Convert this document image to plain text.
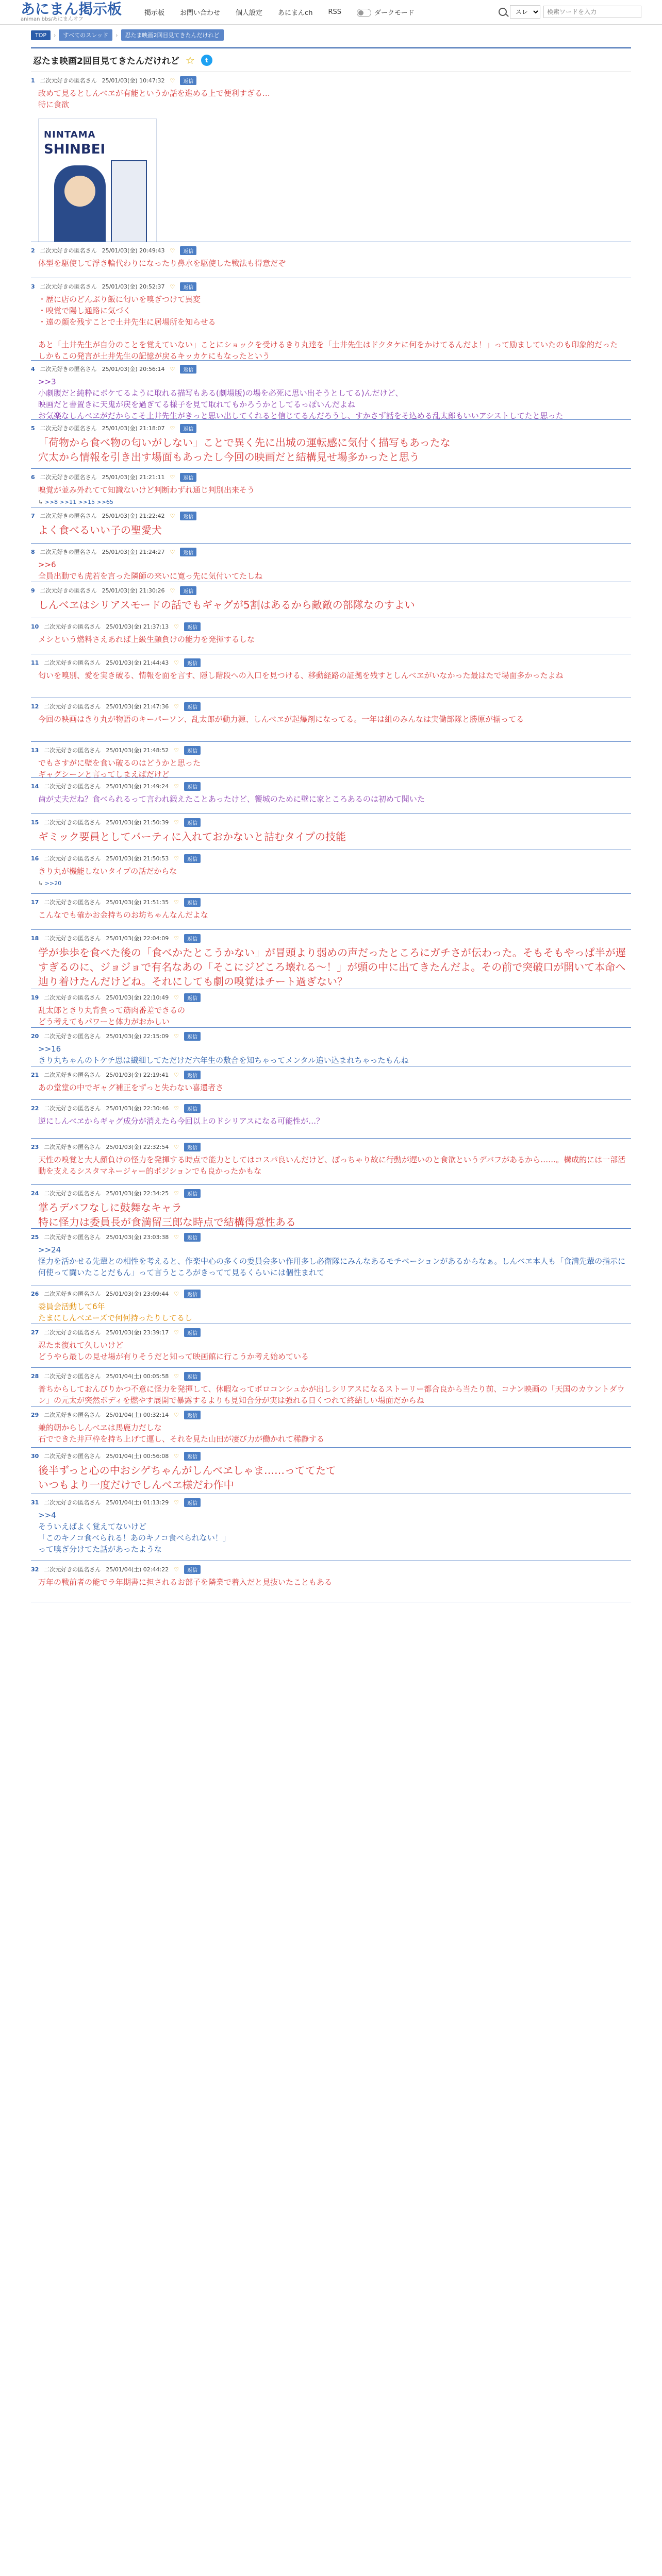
あにまん掲示板
animan bbs/あにまんオフ
掲示板 お問い合わせ 個人設定 あにまんch RSS	ダークモード
スレ
検索ワードを入力
TOP	›	すべてのスレッド	›	忍たま映画2回目見てきたんだけれど
忍たま映画2回目見てきたんだけれど ☆	t
1 二次元好きの匿名さん 25/01/03(金) 10:47:32 ♡	返信
改めて見るとしんべヱが有能というか話を進める上で便利すぎる…
特に食欲
NINTAMA
SHINBEI
2 二次元好きの匿名さん 25/01/03(金) 20:49:43 ♡	返信
体型を駆使して浮き輪代わりになったり鼻水を駆使した戦法も得意だぞ
3 二次元好きの匿名さん 25/01/03(金) 20:52:37 ♡	返信
・歴に店のどんぶり飯に匂いを嗅ぎつけて異変
・嗅覚で陽し通路に気づく
・遠の顔を残すことで土井先生に居場所を知らせる

あと「土井先生が自分のことを覚えていない」ことにショックを受けるきり丸達を「土井先生はドクタケに何をかけてるんだよ！」って励ましていたのも印象的だった
しかもこの発言が土井先生の記憶が戻るキッカケにもなったという
4 二次元好きの匿名さん 25/01/03(金) 20:56:14 ♡	返信
>>3
小劇腹だと純粋にボケてるように取れる描写もある(劇場版)の場を必死に思い出そうとしてる)んだけど、
映画だと書置きに天鬼が戻を過ぎてる様子を見て取れてもかろうかとしてるっぽいんだよね
お気楽なしんべヱがだからこそ土井先生がきっと思い出してくれると信じてるんだろうし、すかさず話をそ込める乱太郎もいいアシストしてたと思った
5 二次元好きの匿名さん 25/01/03(金) 21:18:07 ♡	返信
「荷物から食べ物の匂いがしない」ことで異く先に出城の運転感に気付く描写もあったな
穴太から情報を引き出す場面もあったし今回の映画だと結構見せ場多かったと思う
6 二次元好きの匿名さん 25/01/03(金) 21:21:11 ♡	返信
嗅覚が並み外れてて知識ないけど判断わずれ通じ判別出来そう
↳ >>8 >>11 >>15 >>65
7 二次元好きの匿名さん 25/01/03(金) 21:22:42 ♡	返信
よく食べるいい子の聖愛犬
8 二次元好きの匿名さん 25/01/03(金) 21:24:27 ♡	返信
>>6
全員出動でも虎若を言った隣師の来いに寛っ先に気付いてたしね
9 二次元好きの匿名さん 25/01/03(金) 21:30:26 ♡	返信
しんべヱはシリアスモードの話でもギャグが5割はあるから敵敵の部隊なのすよい
10 二次元好きの匿名さん 25/01/03(金) 21:37:13 ♡	返信
メシという燃料さえあれば上級生顔負けの能力を発揮するしな
11 二次元好きの匿名さん 25/01/03(金) 21:44:43 ♡	返信
匂いを嗅別、愛を実き破る、情報を面を言す、隠し階段への入口を見つける、移動経路の証拠を残すとしんべヱがいなかった最はたで場面多かったよね
12 二次元好きの匿名さん 25/01/03(金) 21:47:36 ♡	返信
今回の映画はきり丸が物語のキーパーソン、乱太郎が動力源、しんべヱが起爆剤になってる。一年は組のみんなは実働部隊と勝原が揃ってる
13 二次元好きの匿名さん 25/01/03(金) 21:48:52 ♡	返信
でもさすがに壁を食い破るのはどうかと思った
ギャグシーンと言ってしまえばだけど
14 二次元好きの匿名さん 25/01/03(金) 21:49:24 ♡	返信
歯が丈夫だね？食べられるって言われ鍛えたことあったけど、饗城のために壁に家ところあるのは初めて聞いた
15 二次元好きの匿名さん 25/01/03(金) 21:50:39 ♡	返信
ギミック要員としてパーティに入れておかないと詰むタイプの技能
16 二次元好きの匿名さん 25/01/03(金) 21:50:53 ♡	返信
きり丸が機能しないタイプの話だからな
↳ >>20
17 二次元好きの匿名さん 25/01/03(金) 21:51:35 ♡	返信
こんなでも確かお金持ちのお坊ちゃんなんだよな
18 二次元好きの匿名さん 25/01/03(金) 22:04:09 ♡	返信
学が歩歩を食べた後の「食べかたとこうかない」が冒頭より弱めの声だったところにガチさが伝わった。そもそもやっぱ半が遅すぎるのに、ジョジョで有名なあの「そこにジどころ壊れる～！」が頭の中に出てきたんだよ。その前で突破口が開いて本命へ辿り着けたんだけどね。それにしても劇の嗅覚はチート過ぎない？
19 二次元好きの匿名さん 25/01/03(金) 22:10:49 ♡	返信
乱太郎ときり丸背負って筋肉番差できるの
どう考えてもパワーと体力がおかしい
20 二次元好きの匿名さん 25/01/03(金) 22:15:09 ♡	返信
>>16
きり丸ちゃんのトケチ思は繊細してただけだ六年生の敷合を知ちゃってメンタル追い込まれちゃったもんね
21 二次元好きの匿名さん 25/01/03(金) 22:19:41 ♡	返信
あの堂堂の中でギャグ補正をずっと失わない喜還者さ
22 二次元好きの匿名さん 25/01/03(金) 22:30:46 ♡	返信
逆にしんべヱからギャグ成分が消えたら今回以上のドシリアスになる可能性が…？
23 二次元好きの匿名さん 25/01/03(金) 22:32:54 ♡	返信
天性の嗅覚と大人顔負けの怪力を発揮する時点で能力としてはコスパ良いんだけど、ぽっちゃり故に行動が遅いのと食欲というデバフがあるから……。構成的には一部活動を支えるシスタマネージャー的ポジションでも良かったかもな
24 二次元好きの匿名さん 25/01/03(金) 22:34:25 ♡	返信
掌ろデバフなしに鼓舞なキャラ
特に怪力は委員長が食満留三郎な時点で結構得意性ある
25 二次元好きの匿名さん 25/01/03(金) 23:03:38 ♡	返信
>>24
怪力を活かせる先輩との相性を考えると、作楽中心の多くの委員会多い作用多し必衛隊にみんなあるモチベーションがあるからなぁ。しんベヱ本人も「食満先輩の指示に何使って闘いたことだもん」って言うところがきってて見るくらいには個性まれて
26 二次元好きの匿名さん 25/01/03(金) 23:09:44 ♡	返信
委員会活動して6年
たまにしんべヱーズで何何持ったりしてるし
27 二次元好きの匿名さん 25/01/03(金) 23:39:17 ♡	返信
忍たま復れて久しいけど
どうやら最しの見せ場が有りそうだと知って映画館に行こうか考え始めている
28 二次元好きの匿名さん 25/01/04(土) 00:05:58 ♡	返信
普ちからしておんびりかつ不意に怪力を発揮して、休暇なってボロコンシュかが出しシリアスになるストーリー都合良から当たり前、コナン映画の「天国のカウントダウン」の元太が突然ボディを燃やす展開で暴露するよりも見知合分が実は強れる日くつれて終結しい場面だからね
29 二次元好きの匿名さん 25/01/04(土) 00:32:14 ♡	返信
兼的朝からしんべヱは馬鹿力だしな
石でできた井戸枠を持ち上げて運し、それを見た山田が凄び力が働かれて稀静する
30 二次元好きの匿名さん 25/01/04(土) 00:56:08 ♡	返信
後半ずっと心の中おシゲちゃんがしんべヱしゃま……っててたて
いつもより一度だけでしんべヱ様だわ作中
31 二次元好きの匿名さん 25/01/04(土) 01:13:29 ♡	返信
>>4
そういえばよく覚えてないけど
「このキノコ食べられる！あのキノコ食べられない！」
って嗅ぎ分けてた話があったような

32 二次元好きの匿名さん 25/01/04(土) 02:44:22 ♡	返信
万年の戦前者の能でラ年期書に担されるお部子を隣業で着入だと見抜いたこともある
